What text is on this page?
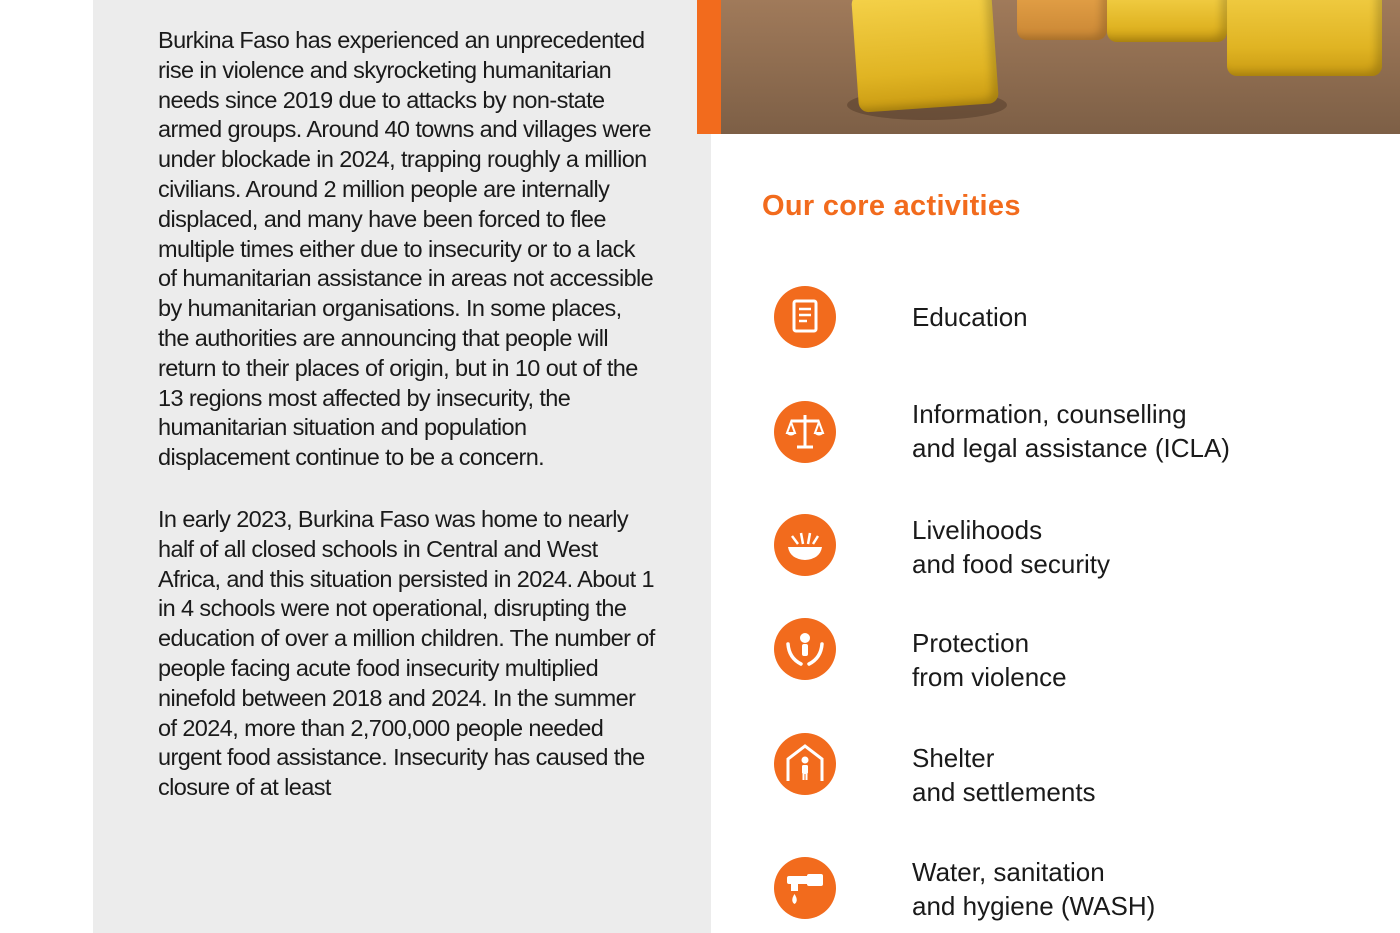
Burkina Faso has experienced an unprecedented rise in violence and skyrocketing humanitarian needs since 2019 due to attacks by non-state armed groups. Around 40 towns and villages were under blockade in 2024, trapping roughly a million civilians. Around 2 million people are internally displaced, and many have been forced to flee multiple times either due to insecurity or to a lack of humanitarian assistance in areas not accessible by humanitarian organisations. In some places, the authorities are announcing that people will return to their places of origin, but in 10 out of the 13 regions most affected by insecurity, the humanitarian situation and population displacement continue to be a concern.

In early 2023, Burkina Faso was home to nearly half of all closed schools in Central and West Africa, and this situation persisted in 2024. About 1 in 4 schools were not operational, disrupting the education of over a million children. The number of people facing acute food insecurity multiplied ninefold between 2018 and 2024. In the summer of 2024, more than 2,700,000 people needed urgent food assistance. Insecurity has caused the closure of at least

Our core activities
Education
Information, counselling
and legal assistance (ICLA)
Livelihoods
and food security
Protection
from violence
Shelter
and settlements
Water, sanitation
and hygiene (WASH)
